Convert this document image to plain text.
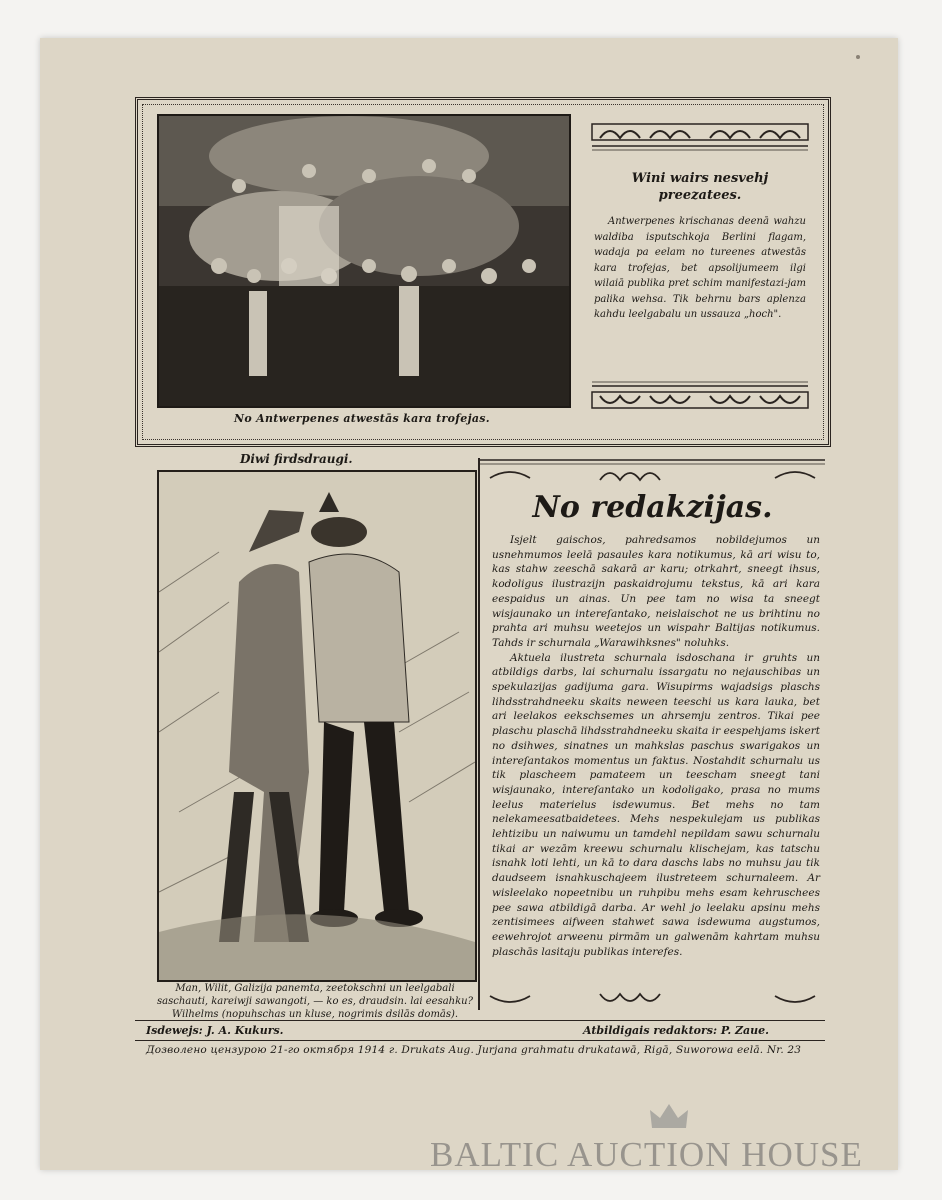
No Antwerpenes atwestās kara trofejas.
Wini wairs nesvehj preezatees.
Antwerpenes krischanas deenā wahzu waldiba isputschkoja Berlini flagam, wadaja pa eelam no tureenes atwestās kara trofejas, bet apsolijumeem ilgi wilaiā publika pret schim manifestazi-jam palika wehsa. Tik behrnu bars aplenza kahdu leelgabalu un ussauza „hoch".
Diwi firdsdraugi.
Man, Wilit, Galizija panemta, zeetokschni un leelgabali
saschauti, kareiwji sawangoti, — ko es, draudsin. lai eesahku?
Wilhelms (nopuhschas un kluse, nogrimis dsilās domās).
No redakzijas.

Isjelt gaischos, pahredsamos nobildejumos un usnehmumos leelā pasaules kara notikumus, kā ari wisu to, kas stahw zeeschā sakarā ar karu; otrkahrt, sneegt ihsus, kodoligus ilustrazijn paskaidrojumu tekstus, kā ari kara eespaidus un ainas. Un pee tam no wisa ta sneegt wisjaunako un intereſantako, neislaischot ne us brihtinu no prahta ari muhsu weetejos un wispahr Baltijas notikumus. Tahds ir schurnala „Warawihksnes" noluhks.

Aktuela ilustreta schurnala isdoschana ir gruhts un atbildigs darbs, lai schurnalu issargatu no nejauschibas un spekulazijas gadijuma gara. Wisupirms wajadsigs plaschs lihdsstrahdneeku skaits neween teeschi us kara lauka, bet ari leelakos eekschsemes un ahrsemju zentros. Tikai pee plaschu plaschā lihdsstrahdneeku skaita ir eespehjams iskert no dsihwes, sinatnes un mahkslas paschus swarigakos un intereſantakos momentus un faktus. Nostahdit schurnalu us tik plascheem pamateem un teescham sneegt tani wisjaunako, intereſantako un kodoligako, prasa no mums leelus materielus isdewumus. Bet mehs no tam nelekameesatbaidetees. Mehs nespekulejam us publikas lehtizibu un naiwumu un tamdehl nepildam sawu schurnalu tikai ar wezām kreewu schurnalu klischejam, kas tatschu isnahk loti lehti, un kā to dara daschs labs no muhsu jau tik daudseem isnahkuschajeem ilustreteem schurnaleem. Ar wisleelako nopeetnibu un ruhpibu mehs esam kehruschees pee sawa atbildigā darba. Ar wehl jo leelaku apsinu mehs zentisimees aifween stahwet sawa isdewuma augstumos, eewehrojot arweenu pirmām un galwenām kahrtam muhsu plaschās lasitaju publikas interefes.

Isdewejs: J. A. Kukurs.	Atbildigais redaktors: P. Zaue.
Дозволено цензурою 21-го октября 1914 г. Drukats Aug. Jurjana grahmatu drukatawā, Rigā, Suworowa eelā. Nr. 23
BALTIC AUCTION HOUSE
